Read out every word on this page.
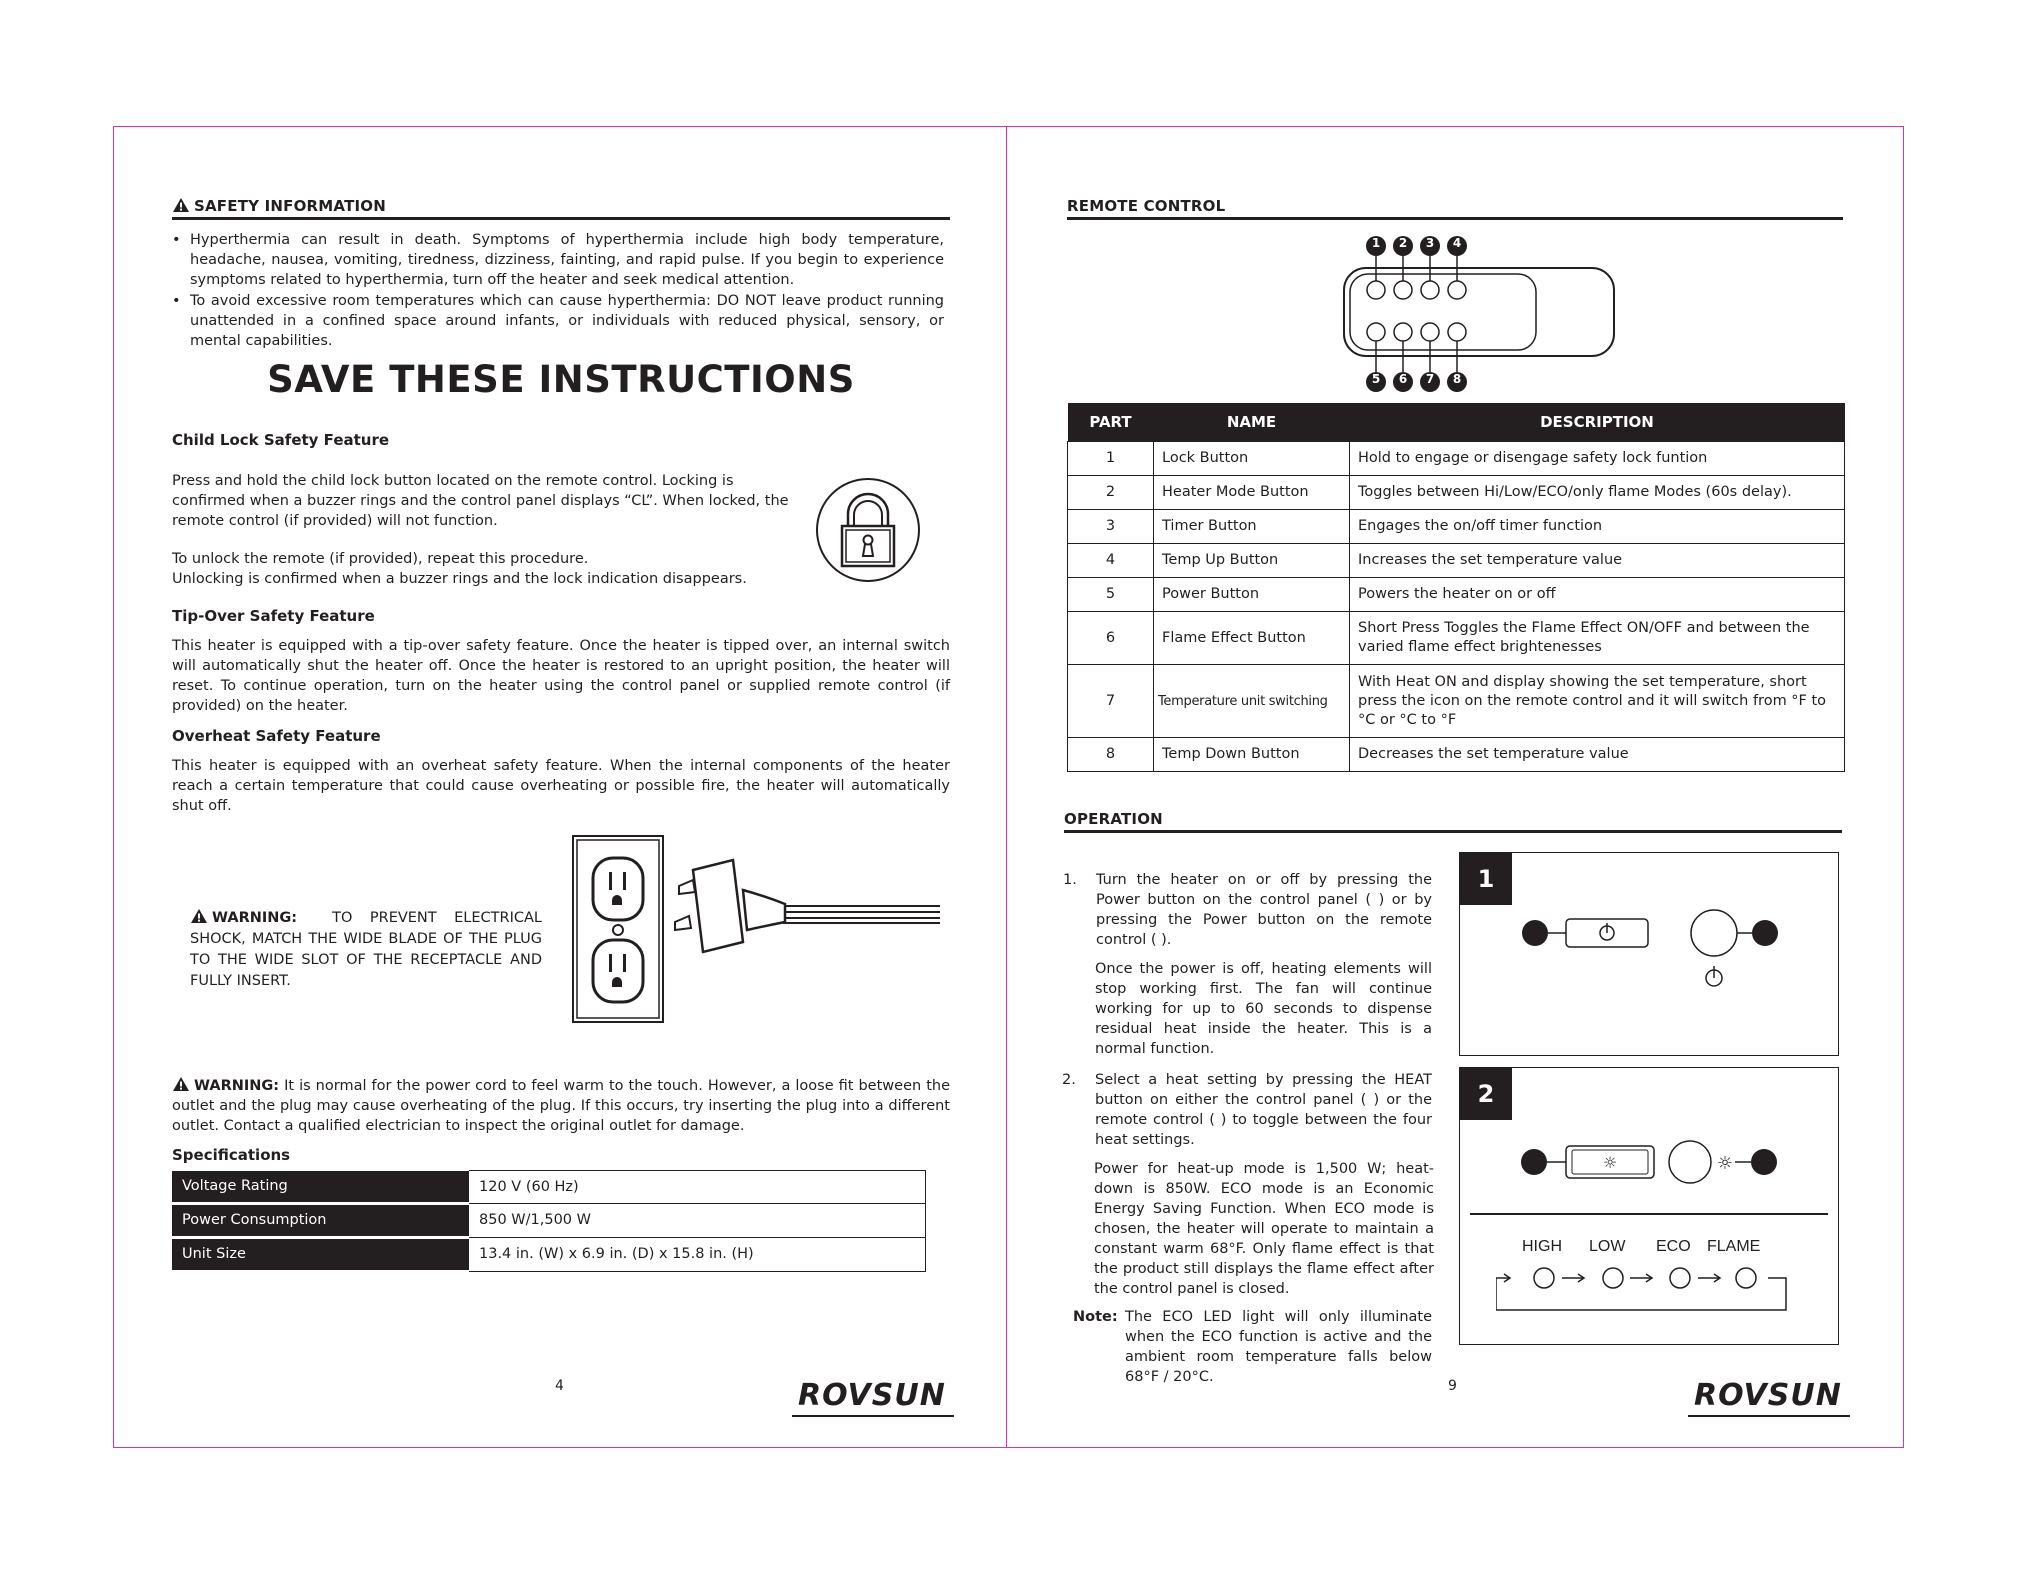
SAFETY INFORMATION
• Hyperthermia can result in death. Symptoms of hyperthermia include high body temperature, headache, nausea, vomiting, tiredness, dizziness, fainting, and rapid pulse. If you begin to experience symptoms related to hyperthermia, turn off the heater and seek medical attention.
• To avoid excessive room temperatures which can cause hyperthermia: DO NOT leave product running unattended in a confined space around infants, or individuals with reduced physical, sensory, or mental capabilities.
SAVE THESE INSTRUCTIONS
Child Lock Safety Feature
Press and hold the child lock button located on the remote control. Locking is confirmed when a buzzer rings and the control panel displays “CL”. When locked, the remote control (if provided) will not function.
To unlock the remote (if provided), repeat this procedure.
Unlocking is confirmed when a buzzer rings and the lock indication disappears.
Tip-Over Safety Feature
This heater is equipped with a tip-over safety feature. Once the heater is tipped over, an internal switch will automatically shut the heater off. Once the heater is restored to an upright position, the heater will reset. To continue operation, turn on the heater using the control panel or supplied remote control (if provided) on the heater.
Overheat Safety Feature
This heater is equipped with an overheat safety feature. When the internal components of the heater reach a certain temperature that could cause overheating or possible fire, the heater will automatically shut off.
WARNING: TO PREVENT ELECTRICAL SHOCK, MATCH THE WIDE BLADE OF THE PLUG TO THE WIDE SLOT OF THE RECEPTACLE AND FULLY INSERT.
WARNING: It is normal for the power cord to feel warm to the touch. However, a loose fit between the outlet and the plug may cause overheating of the plug. If this occurs, try inserting the plug into a different outlet. Contact a qualified electrician to inspect the original outlet for damage.
Specifications
Voltage Rating	120 V (60 Hz)
Power Consumption	850 W/1,500 W
Unit Size	13.4 in. (W) x 6.9 in. (D) x 15.8 in. (H)
4	ROVSUN
REMOTE CONTROL
1	2	3	4
5	6	7	8
PART	NAME	DESCRIPTION
1	Lock Button	Hold to engage or disengage safety lock funtion
2	Heater Mode Button	Toggles between Hi/Low/ECO/only flame Modes (60s delay).
3	Timer Button	Engages the on/off timer function
4	Temp Up Button	Increases the set temperature value
5	Power Button	Powers the heater on or off
6	Flame Effect Button	Short Press Toggles the Flame Effect ON/OFF and between the varied flame effect brightenesses
7	Temperature unit switching	With Heat ON and display showing the set temperature, short press the icon on the remote control and it will switch from °F to °C or °C to °F
8	Temp Down Button	Decreases the set temperature value
OPERATION
1. Turn the heater on or off by pressing the Power button on the control panel ( ) or by pressing the Power button on the remote control ( ).
Once the power is off, heating elements will stop working first. The fan will continue working for up to 60 seconds to dispense residual heat inside the heater. This is a normal function.
2. Select a heat setting by pressing the HEAT button on either the control panel ( ) or the remote control ( ) to toggle between the four heat settings.
Power for heat-up mode is 1,500 W; heat-down is 850W. ECO mode is an Economic Energy Saving Function. When ECO mode is chosen, the heater will operate to maintain a constant warm 68°F. Only flame effect is that the product still displays the flame effect after the control panel is closed.
Note: The ECO LED light will only illuminate when the ECO function is active and the ambient room temperature falls below 68°F / 20°C.
1
2
☼	☼
HIGH LOW ECO FLAME
9	ROVSUN
